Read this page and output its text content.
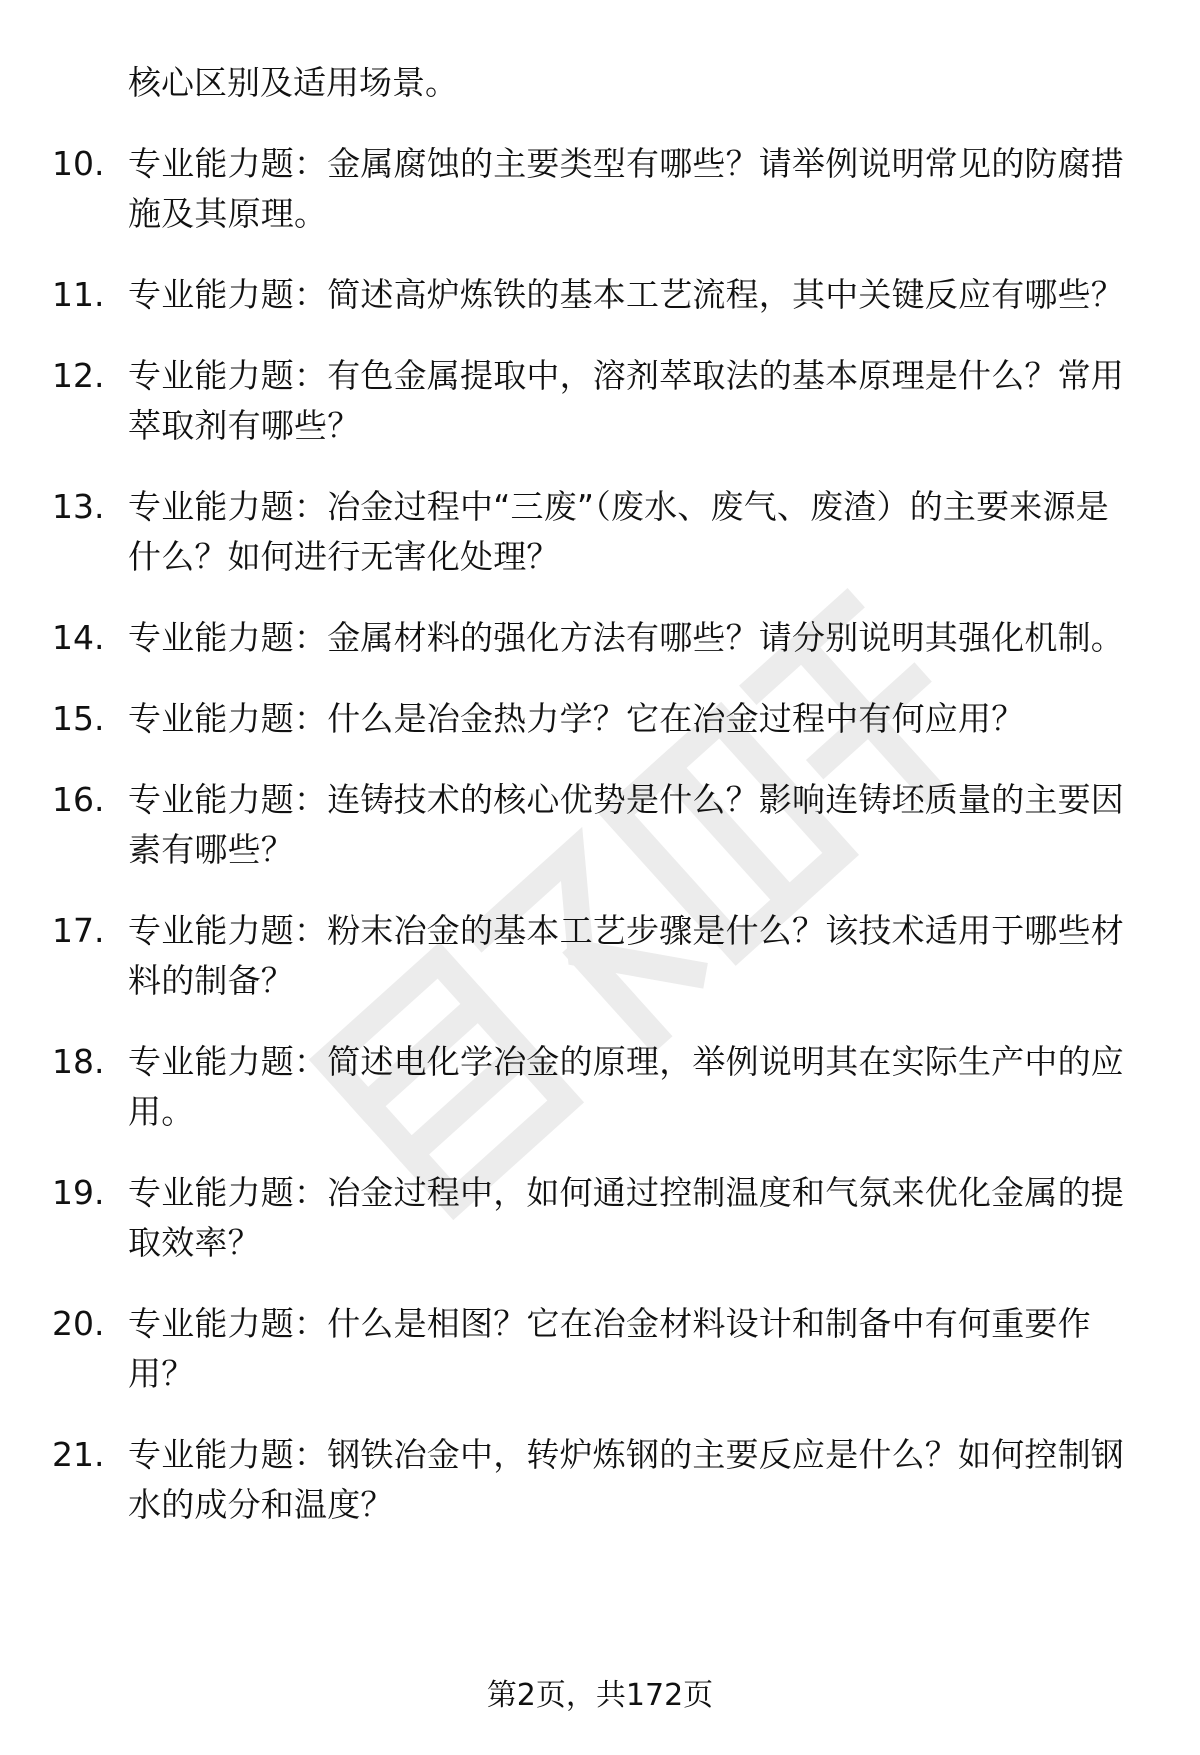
核心区别及适用场景。

10. 专业能力题：金属腐蚀的主要类型有哪些？请举例说明常见的防腐措施及其原理。
11. 专业能力题：简述高炉炼铁的基本工艺流程，其中关键反应有哪些？
12. 专业能力题：有色金属提取中，溶剂萃取法的基本原理是什么？常用萃取剂有哪些？
13. 专业能力题：冶金过程中“三废”（废水、废气、废渣）的主要来源是什么？如何进行无害化处理？
14. 专业能力题：金属材料的强化方法有哪些？请分别说明其强化机制。
15. 专业能力题：什么是冶金热力学？它在冶金过程中有何应用？
16. 专业能力题：连铸技术的核心优势是什么？影响连铸坯质量的主要因素有哪些？
17. 专业能力题：粉末冶金的基本工艺步骤是什么？该技术适用于哪些材料的制备？
18. 专业能力题：简述电化学冶金的原理，举例说明其在实际生产中的应用。
19. 专业能力题：冶金过程中，如何通过控制温度和气氛来优化金属的提取效率？
20. 专业能力题：什么是相图？它在冶金材料设计和制备中有何重要作用？
21. 专业能力题：钢铁冶金中，转炉炼钢的主要反应是什么？如何控制钢水的成分和温度？
第2页，共172页
